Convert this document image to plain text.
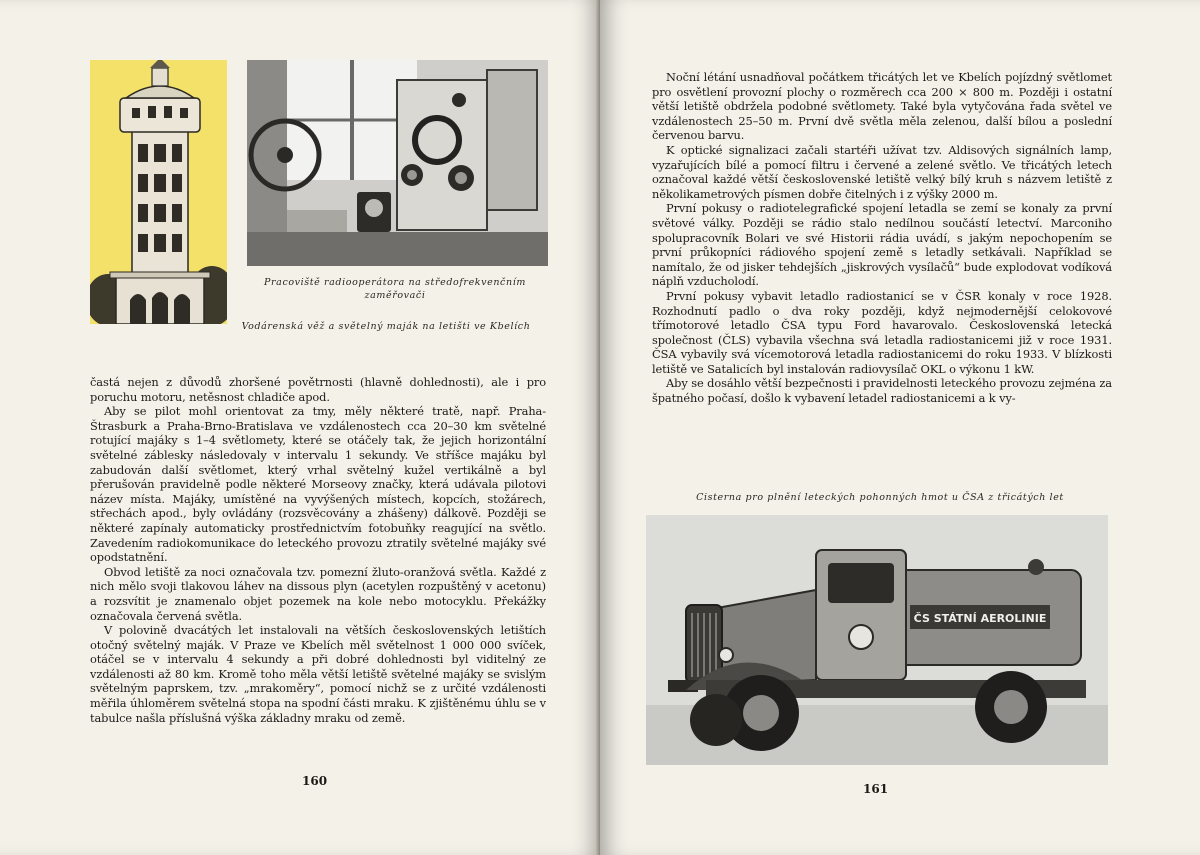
Pracoviště radiooperátora na středofrekvenčním zaměřovači
Vodárenská věž a světelný maják na letišti ve Kbelích

častá nejen z důvodů zhoršené povětrnosti (hlavně dohlednosti), ale i pro poruchu motoru, netěsnost chladiče apod.

Aby se pilot mohl orientovat za tmy, měly některé tratě, např. Praha-Štrasburk a Praha-Brno-Bratislava ve vzdálenostech cca 20–30 km světelné rotující majáky s 1–4 světlomety, které se otáčely tak, že jejich horizontální světelné záblesky následovaly v intervalu 1 sekundy. Ve stříšce majáku byl zabudován další světlomet, který vrhal světelný kužel vertikálně a byl přerušován pravidelně podle některé Morseovy značky, která udávala pilotovi název místa. Majáky, umístěné na vyvýšených místech, kopcích, stožárech, střechách apod., byly ovládány (rozsvěcovány a zhášeny) dálkově. Později se některé zapínaly automaticky prostřednictvím fotobuňky reagující na světlo. Zavedením radiokomunikace do leteckého provozu ztratily světelné majáky své opodstatnění.

Obvod letiště za noci označovala tzv. pomezní žluto-oranžová světla. Každé z nich mělo svoji tlakovou láhev na dissous plyn (acetylen rozpuštěný v acetonu) a rozsvítit je znamenalo objet pozemek na kole nebo motocyklu. Překážky označovala červená světla.

V polovině dvacátých let instalovali na větších československých letištích otočný světelný maják. V Praze ve Kbelích měl světelnost 1 000 000 svíček, otáčel se v intervalu 4 sekundy a při dobré dohlednosti byl viditelný ze vzdálenosti až 80 km. Kromě toho měla větší letiště světelné majáky se svislým světelným paprskem, tzv. „mrakoměry“, pomocí nichž se z určité vzdálenosti měřila úhloměrem světelná stopa na spodní části mraku. K zjištěnému úhlu se v tabulce našla příslušná výška základny mraku od země.

160

Noční létání usnadňoval počátkem třicátých let ve Kbelích pojízdný světlomet pro osvětlení provozní plochy o rozměrech cca 200 × 800 m. Později i ostatní větší letiště obdržela podobné světlomety. Také byla vytyčována řada světel ve vzdálenostech 25–50 m. První dvě světla měla zelenou, další bílou a poslední červenou barvu.

K optické signalizaci začali startéři užívat tzv. Aldisových signálních lamp, vyzařujících bílé a pomocí filtru i červené a zelené světlo. Ve třicátých letech označoval každé větší československé letiště velký bílý kruh s názvem letiště z několikametrových písmen dobře čitelných i z výšky 2000 m.

První pokusy o radiotelegrafické spojení letadla se zemí se konaly za první světové války. Později se rádio stalo nedílnou součástí letectví. Marconiho spolupracovník Bolari ve své Historii rádia uvádí, s jakým nepochopením se první průkopníci rádiového spojení země s letadly setkávali. Například se namítalo, že od jisker tehdejších „jiskrových vysílačů“ bude explodovat vodíková náplň vzducholodí.

První pokusy vybavit letadlo radiostanicí se v ČSR konaly v roce 1928. Rozhodnutí padlo o dva roky později, když nejmodernější celokovové třímotorové letadlo ČSA typu Ford havarovalo. Československá letecká společnost (ČLS) vybavila všechna svá letadla radiostanicemi již v roce 1931. ČSA vybavily svá vícemotorová letadla radiostanicemi do roku 1933. V blízkosti letiště ve Satalicích byl instalován radiovysílač OKL o výkonu 1 kW.

Aby se dosáhlo větší bezpečnosti i pravidelnosti leteckého provozu zejména za špatného počasí, došlo k vybavení letadel radiostanicemi a k vy-

Cisterna pro plnění leteckých pohonných hmot u ČSA z třicátých let
ČS STÁTNÍ AEROLINIE
161
